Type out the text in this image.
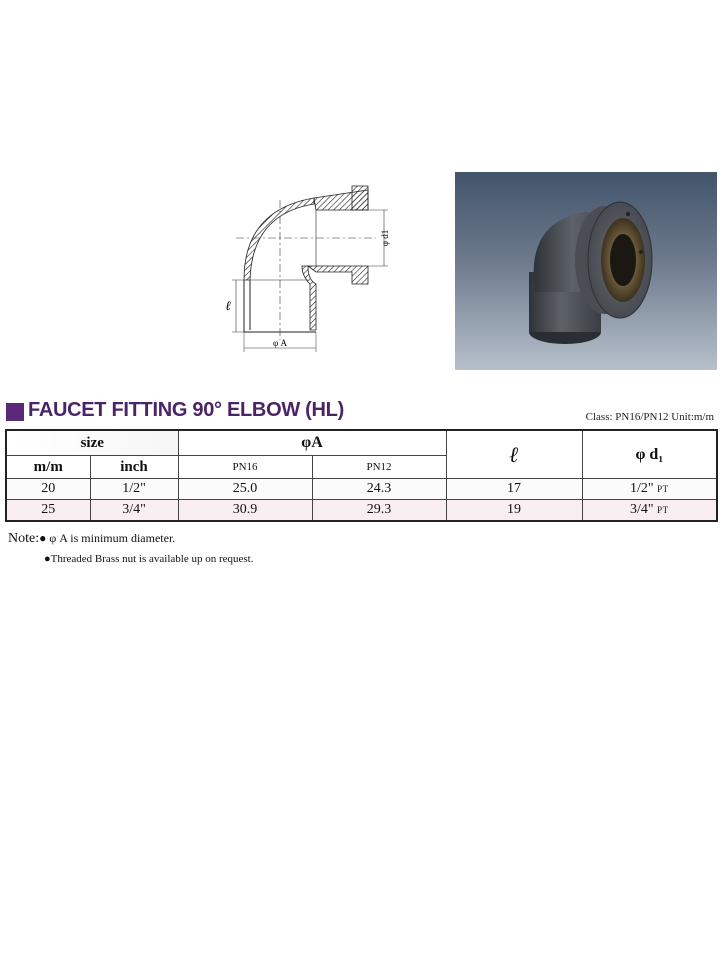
φ d1
ℓ
φ A
FAUCET FITTING 90° ELBOW (HL)	Class: PN16/PN12 Unit:m/m
size		φA		ℓ	φ d₁
m/m	inch	PN16	PN12		
20	1/2"	25.0	24.3	17	1/2" PT
25	3/4"	30.9	29.3	19	3/4" PT
Note:● φ A is minimum diameter.
●Threaded Brass nut is available up on request.
